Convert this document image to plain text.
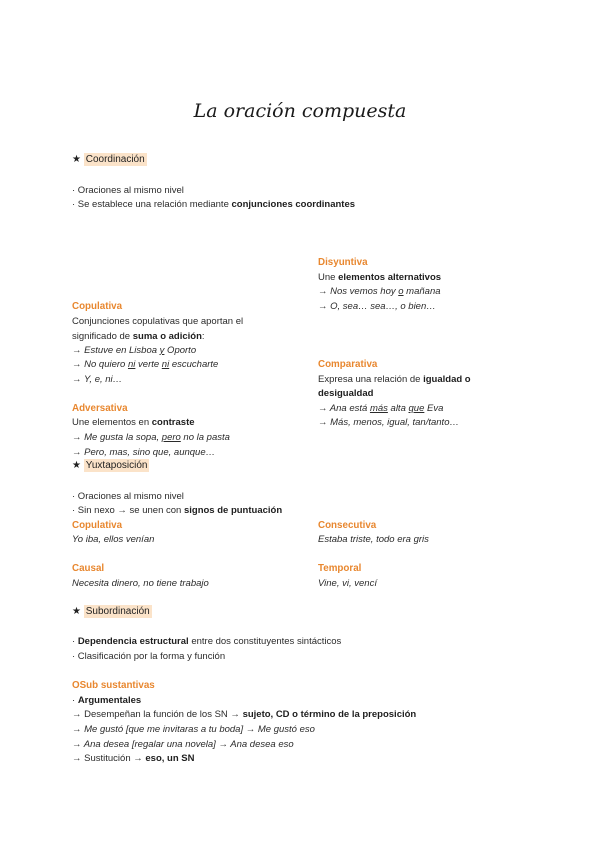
La oración compuesta
★ Coordinación
· Oraciones al mismo nivel
· Se establece una relación mediante conjunciones coordinantes
Disyuntiva
Une elementos alternativos
→ Nos vemos hoy o mañana
→ O, sea… sea…, o bien…
Copulativa
Conjunciones copulativas que aportan el
significado de suma o adición:
→ Estuve en Lisboa y Oporto
→ No quiero ni verte ni escucharte
→ Y, e, ni…
Comparativa
Expresa una relación de igualdad o
desigualdad
→ Ana está más alta que Eva
→ Más, menos, igual, tan/tanto…
Adversativa
Une elementos en contraste
→ Me gusta la sopa, pero no la pasta
→ Pero, mas, sino que, aunque…
★ Yuxtaposición
· Oraciones al mismo nivel
· Sin nexo → se unen con signos de puntuación
Copulativa
Yo iba, ellos venían
Consecutiva
Estaba triste, todo era gris
Causal
Necesita dinero, no tiene trabajo
Temporal
Vine, vi, vencí
★ Subordinación
· Dependencia estructural entre dos constituyentes sintácticos
· Clasificación por la forma y función
OSub sustantivas
· Argumentales
→ Desempeñan la función de los SN → sujeto, CD o término de la preposición
→ Me gustó [que me invitaras a tu boda] → Me gustó eso
→ Ana desea [regalar una novela] → Ana desea eso
→ Sustitución → eso, un SN
